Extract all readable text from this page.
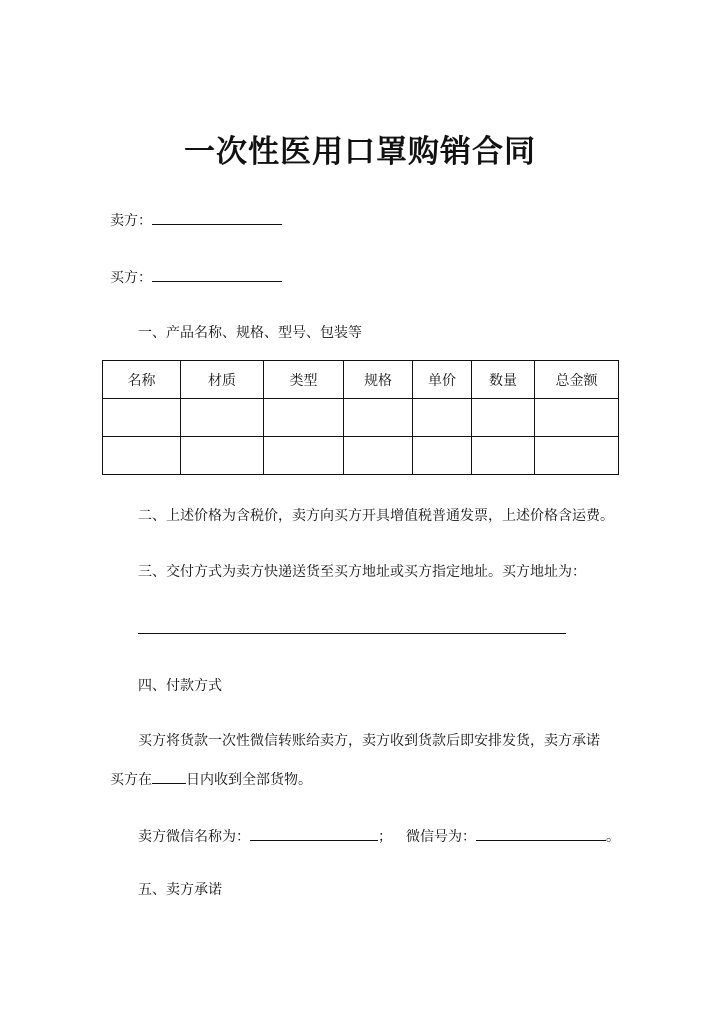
一次性医用口罩购销合同
卖方：
买方：
一、产品名称、规格、型号、包装等
名称	材质	类型	规格	单价	数量	总金额

二、上述价格为含税价，卖方向买方开具增值税普通发票，上述价格含运费。
三、交付方式为卖方快递送货至买方地址或买方指定地址。买方地址为：
四、付款方式
买方将货款一次性微信转账给卖方，卖方收到货款后即安排发货，卖方承诺
买方在 日内收到全部货物。
卖方微信名称为：	； 微信号为：	。
五、卖方承诺
